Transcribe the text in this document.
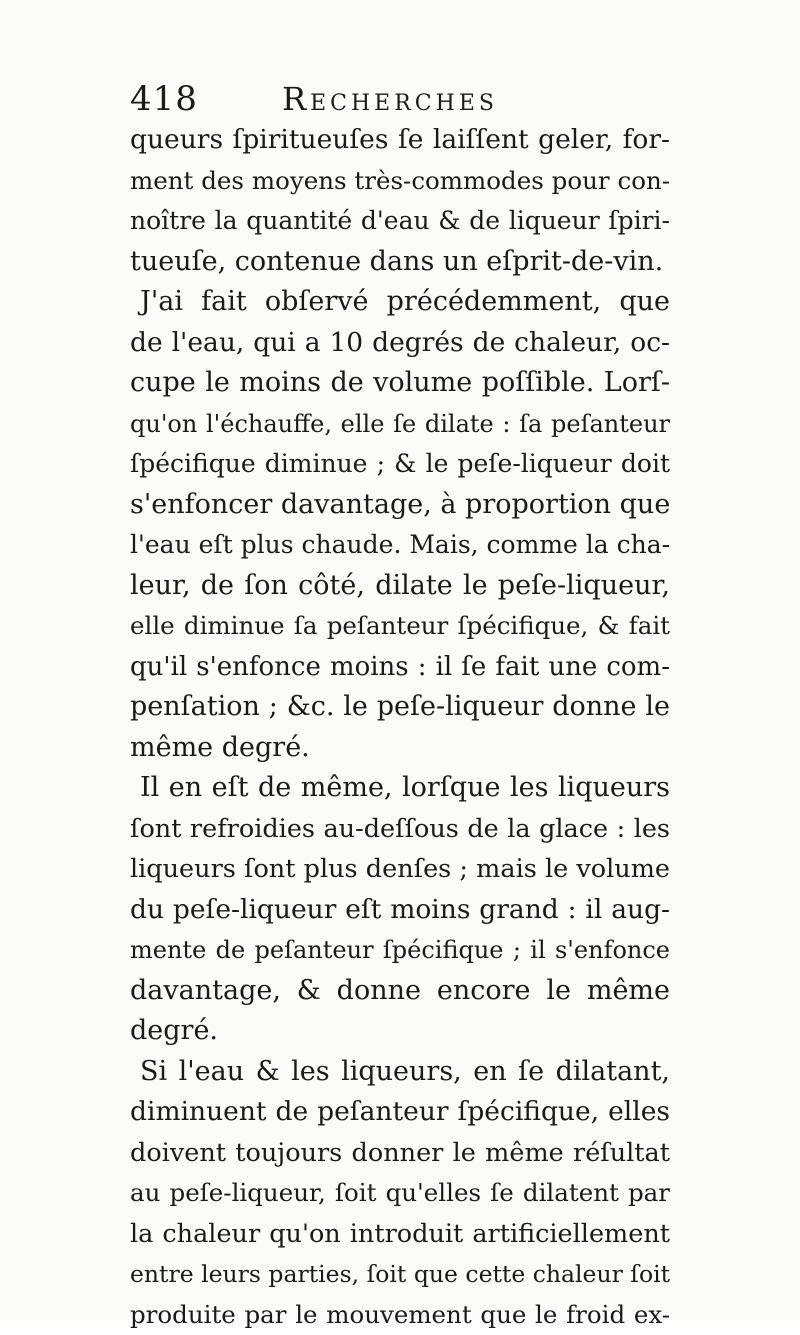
418	Recherches
queurs ſpiritueuſes ſe laiſſent geler, for-
ment des moyens très-commodes pour con-
noître la quantité d'eau & de liqueur ſpiri-
tueuſe, contenue dans un eſprit-de-vin.
J'ai fait obſervé précédemment, que
de l'eau, qui a 10 degrés de chaleur, oc-
cupe le moins de volume poſſible. Lorſ-
qu'on l'échauffe, elle ſe dilate : ſa peſanteur
ſpécifique diminue ; & le peſe-liqueur doit
s'enfoncer davantage, à proportion que
l'eau eſt plus chaude. Mais, comme la cha-
leur, de ſon côté, dilate le peſe-liqueur,
elle diminue ſa peſanteur ſpécifique, & fait
qu'il s'enfonce moins : il ſe fait une com-
penſation ; &c. le peſe-liqueur donne le
même degré.
Il en eſt de même, lorſque les liqueurs
ſont refroidies au-deſſous de la glace : les
liqueurs ſont plus denſes ; mais le volume
du peſe-liqueur eſt moins grand : il aug-
mente de peſanteur ſpécifique ; il s'enfonce
davantage, & donne encore le même
degré.
Si l'eau & les liqueurs, en ſe dilatant,
diminuent de peſanteur ſpécifique, elles
doivent toujours donner le même réſultat
au peſe-liqueur, ſoit qu'elles ſe dilatent par
la chaleur qu'on introduit artificiellement
entre leurs parties, ſoit que cette chaleur ſoit
produite par le mouvement que le froid ex-
